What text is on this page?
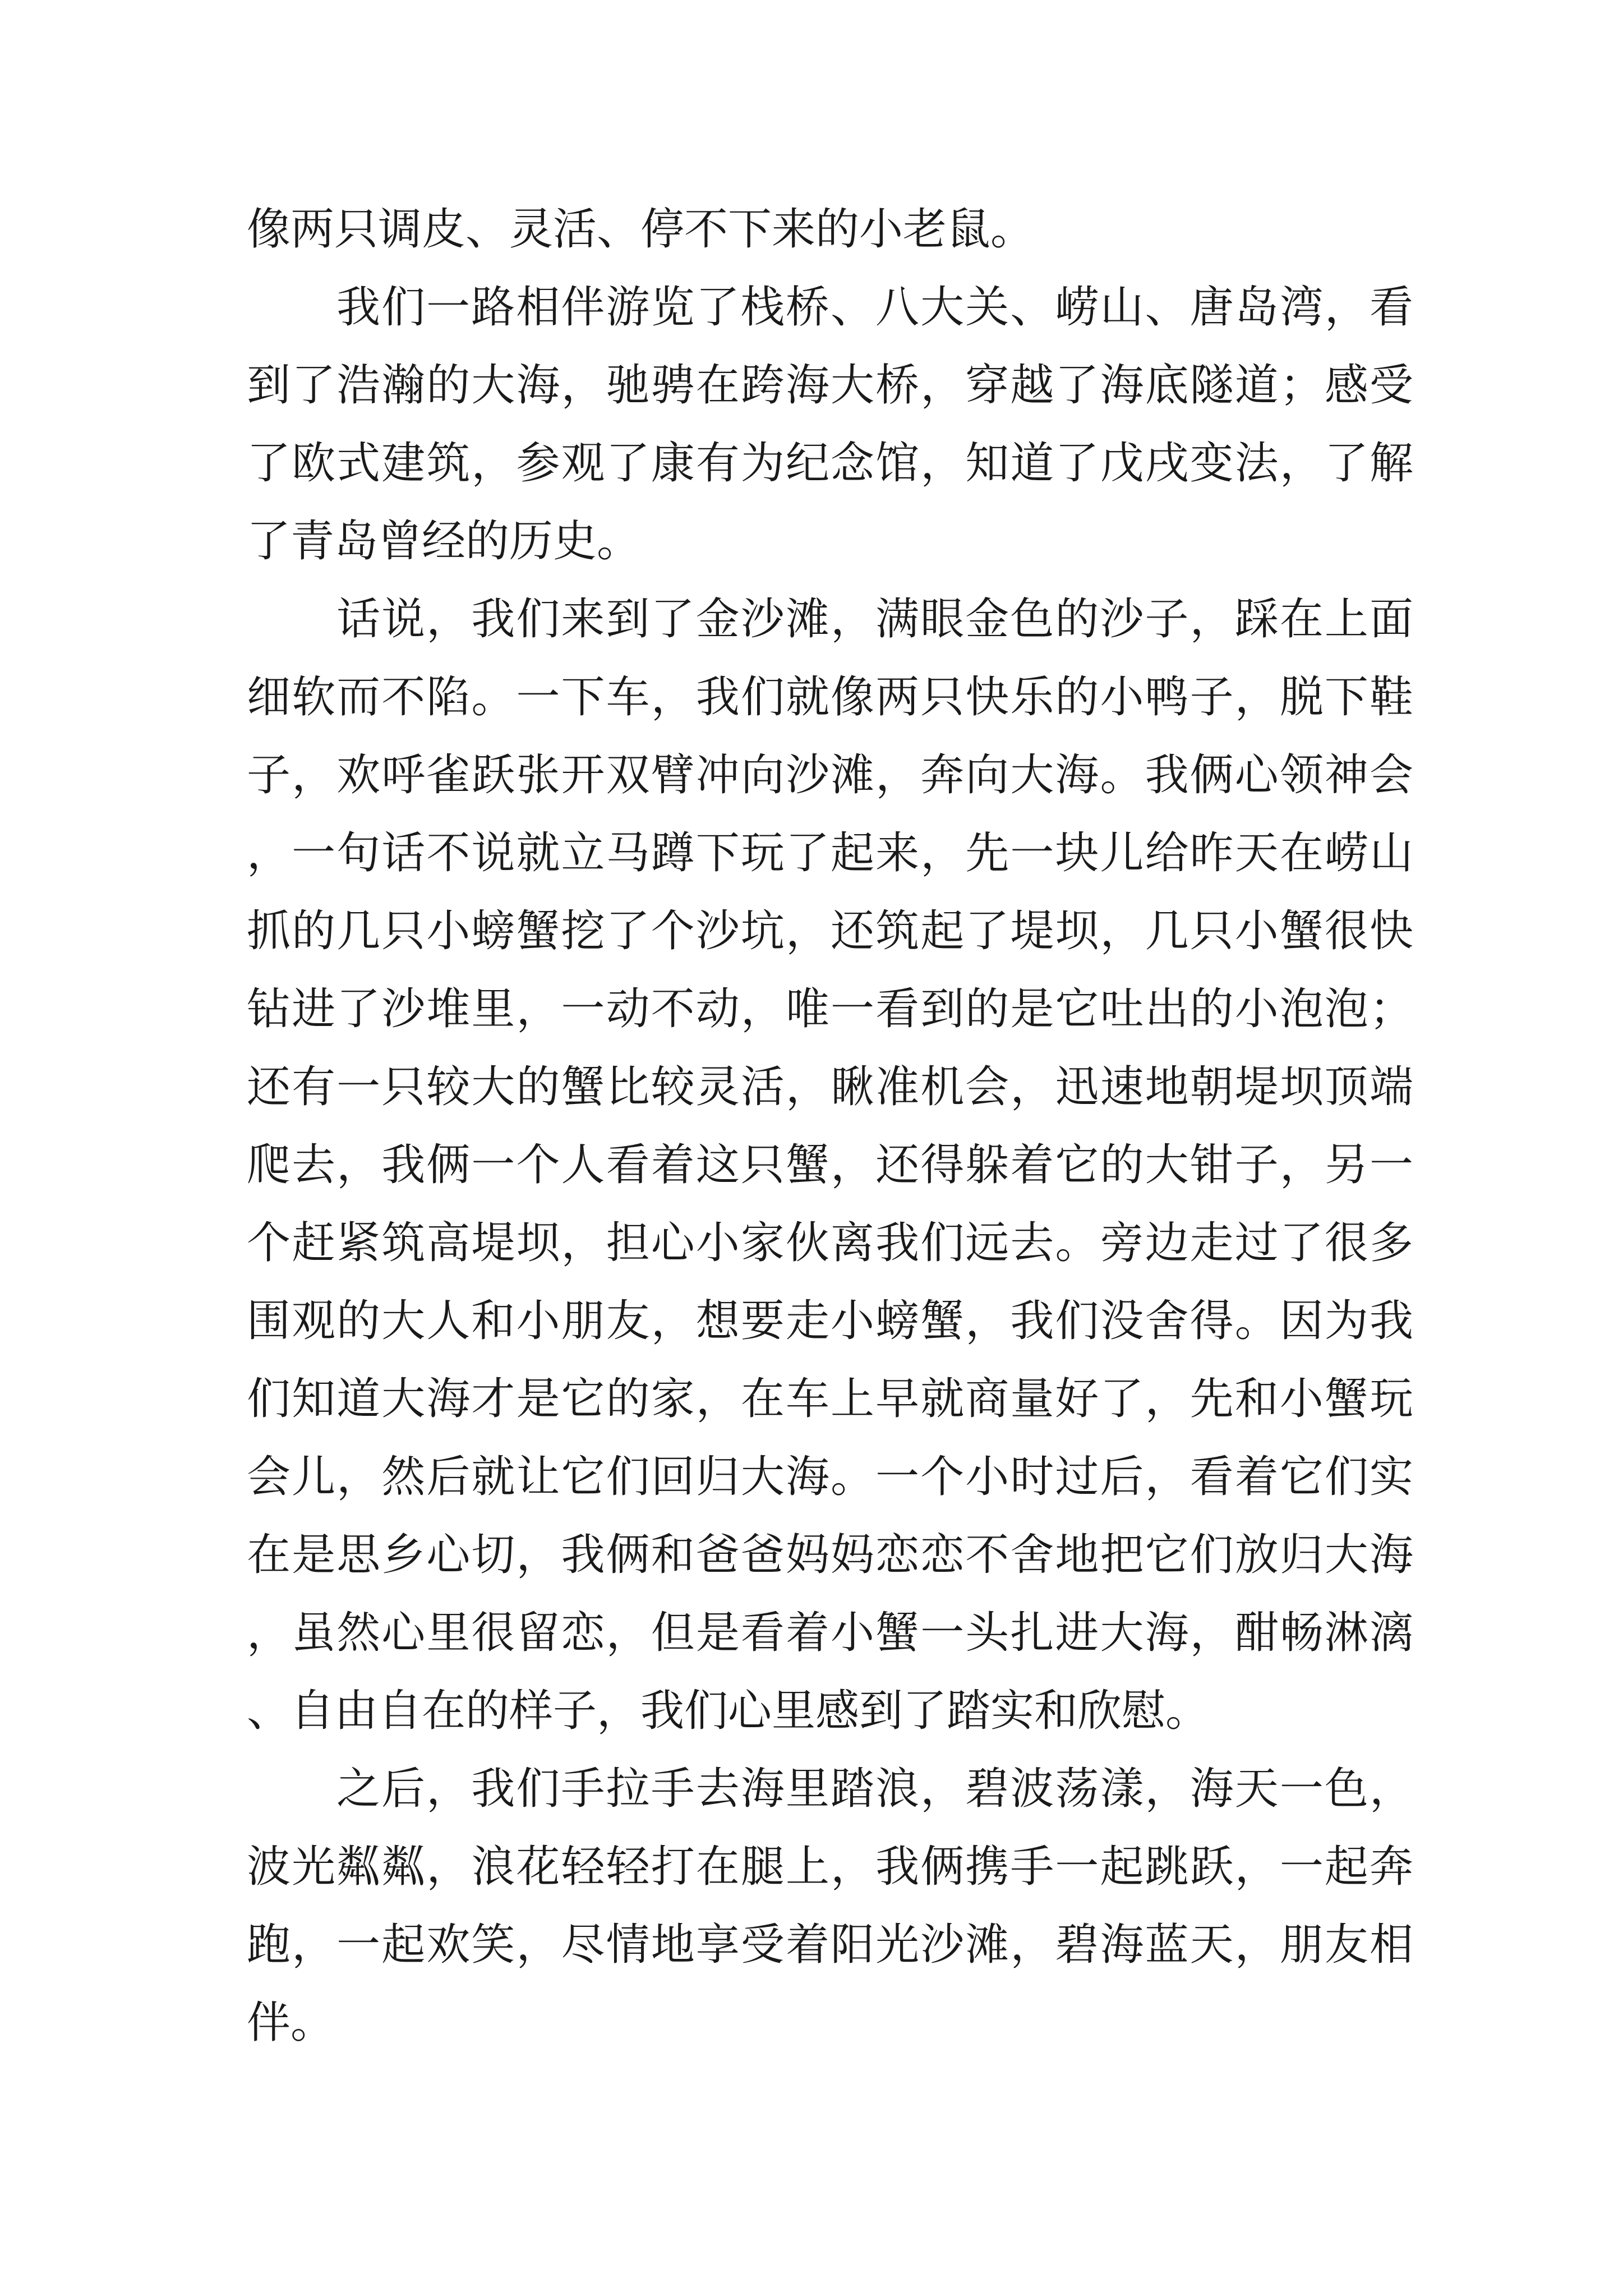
像两只调皮、灵活、停不下来的小老鼠。

我们一路相伴游览了栈桥、八大关、崂山、唐岛湾，看到了浩瀚的大海，驰骋在跨海大桥，穿越了海底隧道；感受了欧式建筑，参观了康有为纪念馆，知道了戊戌变法，了解了青岛曾经的历史。

话说，我们来到了金沙滩，满眼金色的沙子，踩在上面细软而不陷。一下车，我们就像两只快乐的小鸭子，脱下鞋子，欢呼雀跃张开双臂冲向沙滩，奔向大海。我俩心领神会，一句话不说就立马蹲下玩了起来，先一块儿给昨天在崂山抓的几只小螃蟹挖了个沙坑，还筑起了堤坝，几只小蟹很快钻进了沙堆里，一动不动，唯一看到的是它吐出的小泡泡；还有一只较大的蟹比较灵活，瞅准机会，迅速地朝堤坝顶端爬去，我俩一个人看着这只蟹，还得躲着它的大钳子，另一个赶紧筑高堤坝，担心小家伙离我们远去。旁边走过了很多围观的大人和小朋友，想要走小螃蟹，我们没舍得。因为我们知道大海才是它的家，在车上早就商量好了，先和小蟹玩会儿，然后就让它们回归大海。一个小时过后，看着它们实在是思乡心切，我俩和爸爸妈妈恋恋不舍地把它们放归大海，虽然心里很留恋，但是看着小蟹一头扎进大海，酣畅淋漓、自由自在的样子，我们心里感到了踏实和欣慰。

之后，我们手拉手去海里踏浪，碧波荡漾，海天一色，波光粼粼，浪花轻轻打在腿上，我俩携手一起跳跃，一起奔跑，一起欢笑，尽情地享受着阳光沙滩，碧海蓝天，朋友相伴。
